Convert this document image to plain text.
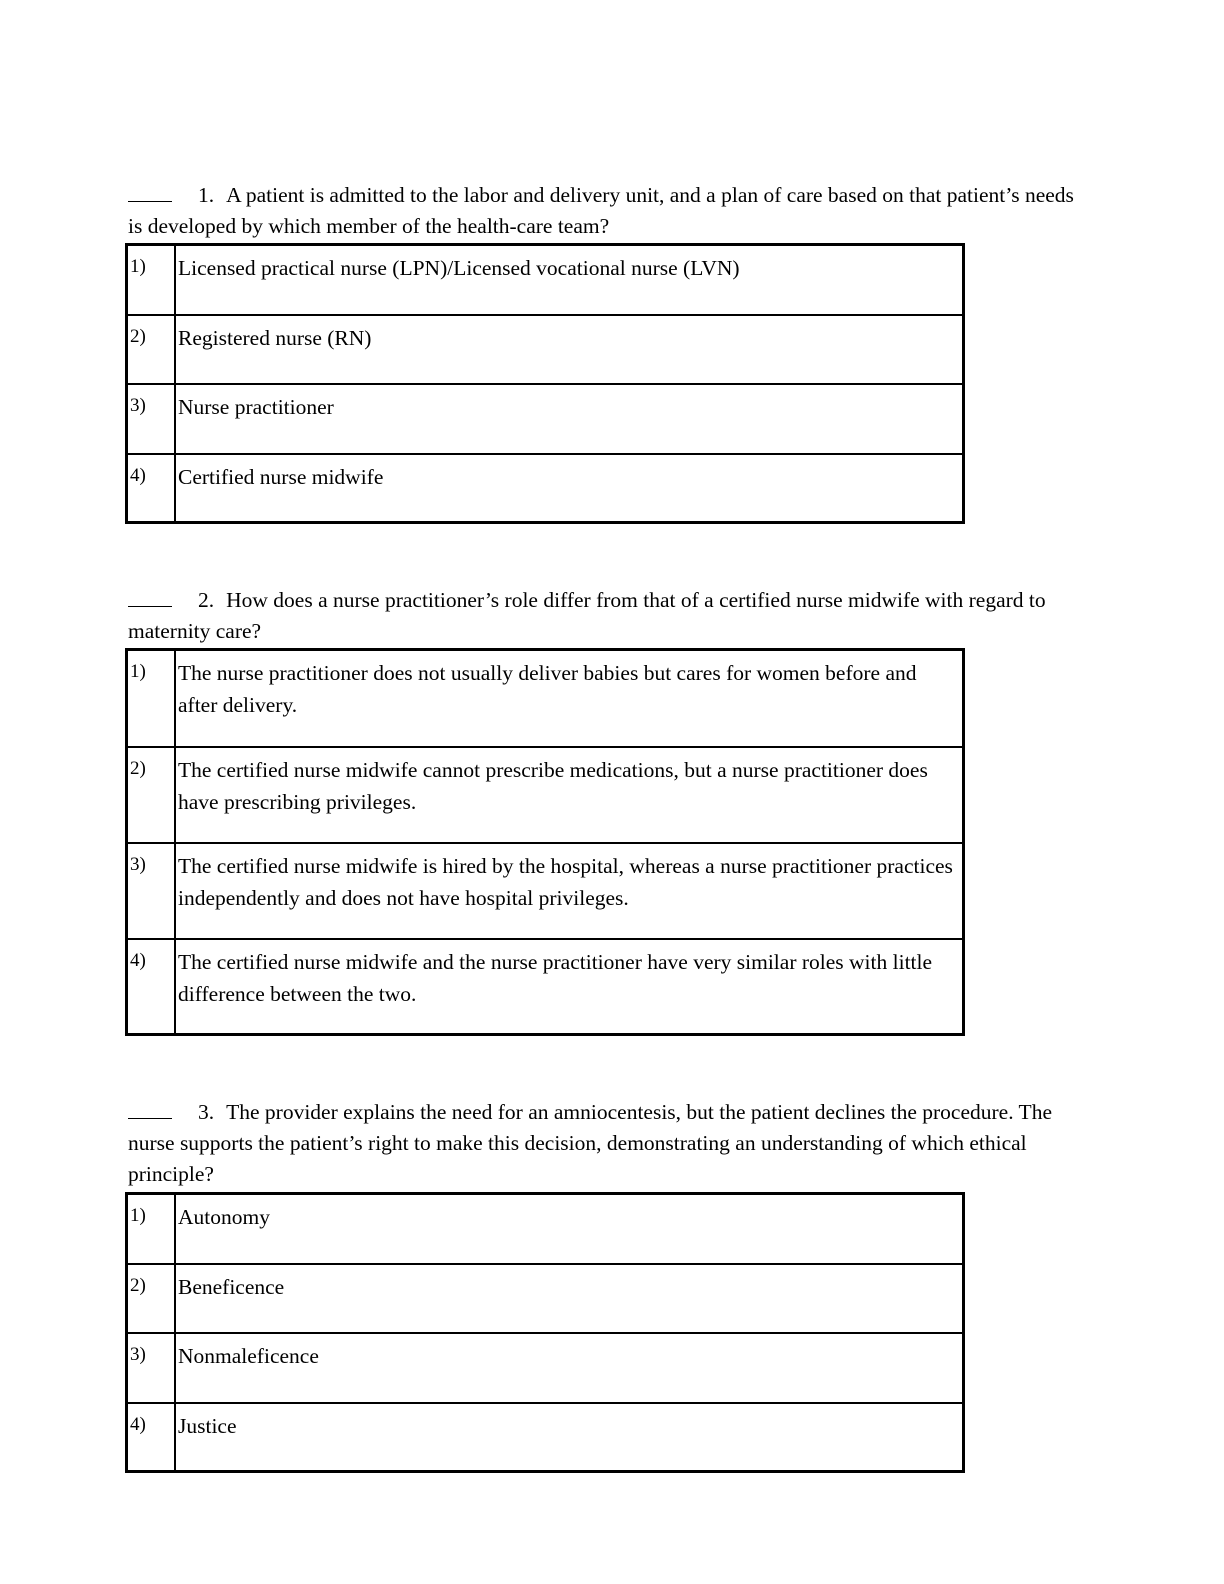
1. A patient is admitted to the labor and delivery unit, and a plan of care based on that patient’s needs is developed by which member of the health-care team?

1)	Licensed practical nurse (LPN)/Licensed vocational nurse (LVN)
2)	Registered nurse (RN)
3)	Nurse practitioner
4)	Certified nurse midwife

2. How does a nurse practitioner’s role differ from that of a certified nurse midwife with regard to maternity care?

1)	The nurse practitioner does not usually deliver babies but cares for women before and after delivery.
2)	The certified nurse midwife cannot prescribe medications, but a nurse practitioner does have prescribing privileges.
3)	The certified nurse midwife is hired by the hospital, whereas a nurse practitioner practices independently and does not have hospital privileges.
4)	The certified nurse midwife and the nurse practitioner have very similar roles with little difference between the two.

3. The provider explains the need for an amniocentesis, but the patient declines the procedure. The nurse supports the patient’s right to make this decision, demonstrating an understanding of which ethical principle?

1)	Autonomy
2)	Beneficence
3)	Nonmaleficence
4)	Justice
